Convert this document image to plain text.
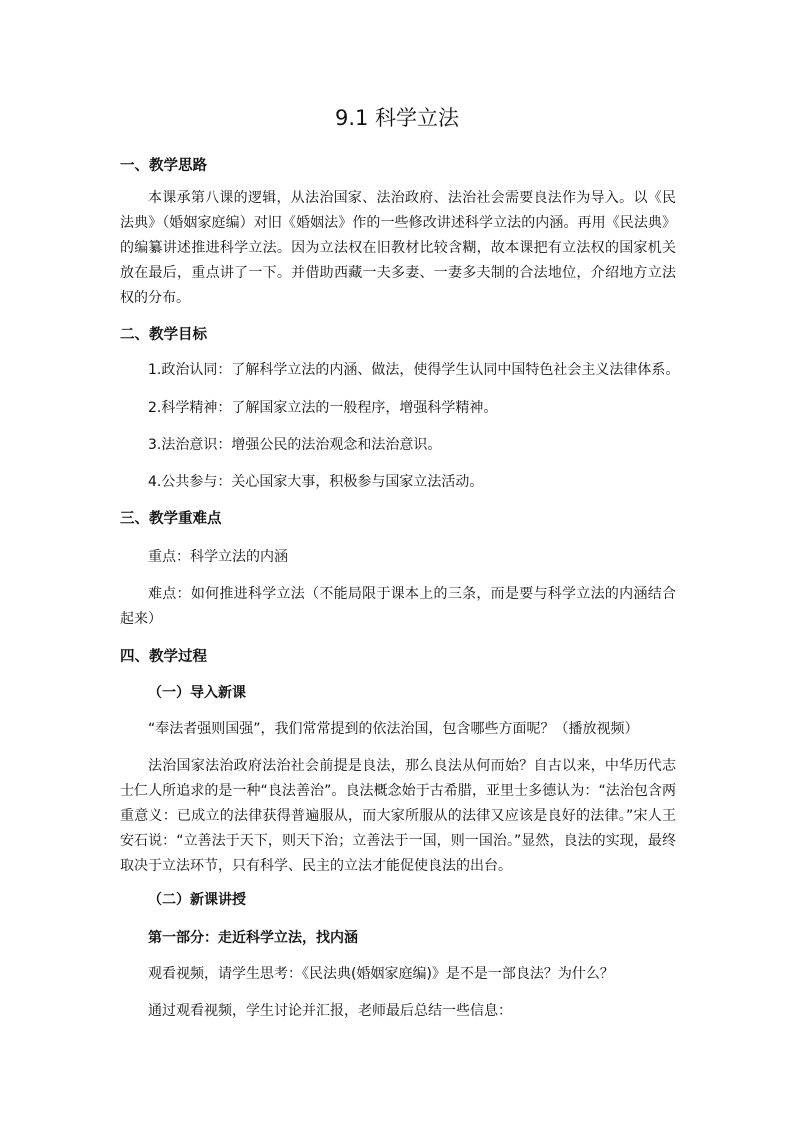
9.1 科学立法
一、教学思路

本课承第八课的逻辑，从法治国家、法治政府、法治社会需要良法作为导入。以《民法典》（婚姻家庭编）对旧《婚姻法》作的一些修改讲述科学立法的内涵。再用《民法典》的编纂讲述推进科学立法。因为立法权在旧教材比较含糊，故本课把有立法权的国家机关放在最后，重点讲了一下。并借助西藏一夫多妻、一妻多夫制的合法地位，介绍地方立法权的分布。

二、教学目标
1.政治认同：了解科学立法的内涵、做法，使得学生认同中国特色社会主义法律体系。
2.科学精神：了解国家立法的一般程序，增强科学精神。
3.法治意识：增强公民的法治观念和法治意识。
4.公共参与：关心国家大事，积极参与国家立法活动。
三、教学重难点
重点：科学立法的内涵

难点：如何推进科学立法（不能局限于课本上的三条，而是要与科学立法的内涵结合起来）

四、教学过程
（一）导入新课
“奉法者强则国强”，我们常常提到的依法治国，包含哪些方面呢？（播放视频）

法治国家法治政府法治社会前提是良法，那么良法从何而始？自古以来，中华历代志士仁人所追求的是一种“良法善治”。良法概念始于古希腊，亚里士多德认为：“法治包含两重意义：已成立的法律获得普遍服从，而大家所服从的法律又应该是良好的法律。”宋人王安石说：“立善法于天下，则天下治；立善法于一国，则一国治。”显然，良法的实现，最终取决于立法环节，只有科学、民主的立法才能促使良法的出台。

（二）新课讲授
第一部分：走近科学立法，找内涵
观看视频，请学生思考：《民法典(婚姻家庭编)》是不是一部良法？为什么？
通过观看视频，学生讨论并汇报，老师最后总结一些信息：
